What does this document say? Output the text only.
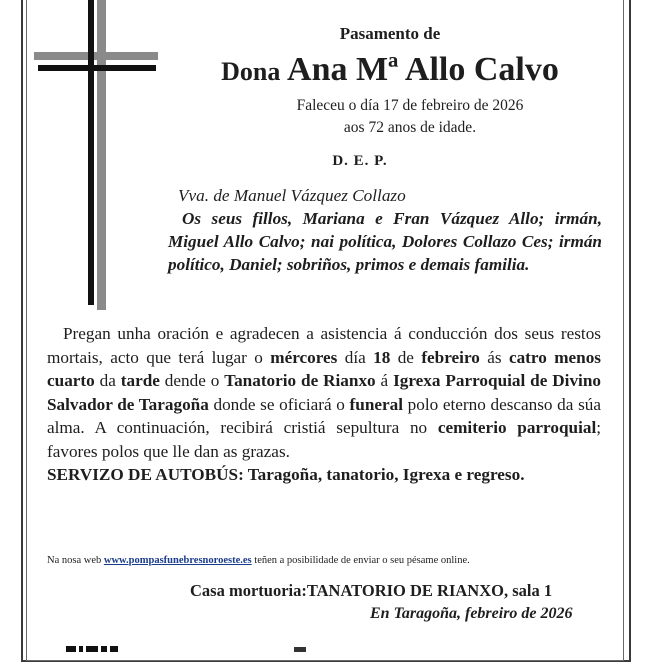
Pasamento de
Dona Ana Mª Allo Calvo
Faleceu o día 17 de febreiro de 2026
aos 72 anos de idade.
D. E. P.

Vva. de Manuel Vázquez Collazo

Os seus fillos, Mariana e Fran Vázquez Allo; irmán, Miguel Allo Calvo; nai política, Dolores Collazo Ces; irmán político, Daniel; sobriños, primos e demais familia.

Pregan unha oración e agradecen a asistencia á conducción dos seus restos mortais, acto que terá lugar o mércores día 18 de febreiro ás catro menos cuarto da tarde dende o Tanatorio de Rianxo á Igrexa Parroquial de Divino Salvador de Taragoña donde se oficiará o funeral polo eterno descanso da súa alma. A continuación, recibirá cristiá sepultura no cemiterio parroquial; favores polos que lle dan as grazas.

SERVIZO DE AUTOBÚS: Taragoña, tanatorio, Igrexa e regreso.

Na nosa web www.pompasfunebresnoroeste.es teñen a posibilidade de enviar o seu pésame online.
Casa mortuoria:TANATORIO DE RIANXO, sala 1
En Taragoña, febreiro de 2026
